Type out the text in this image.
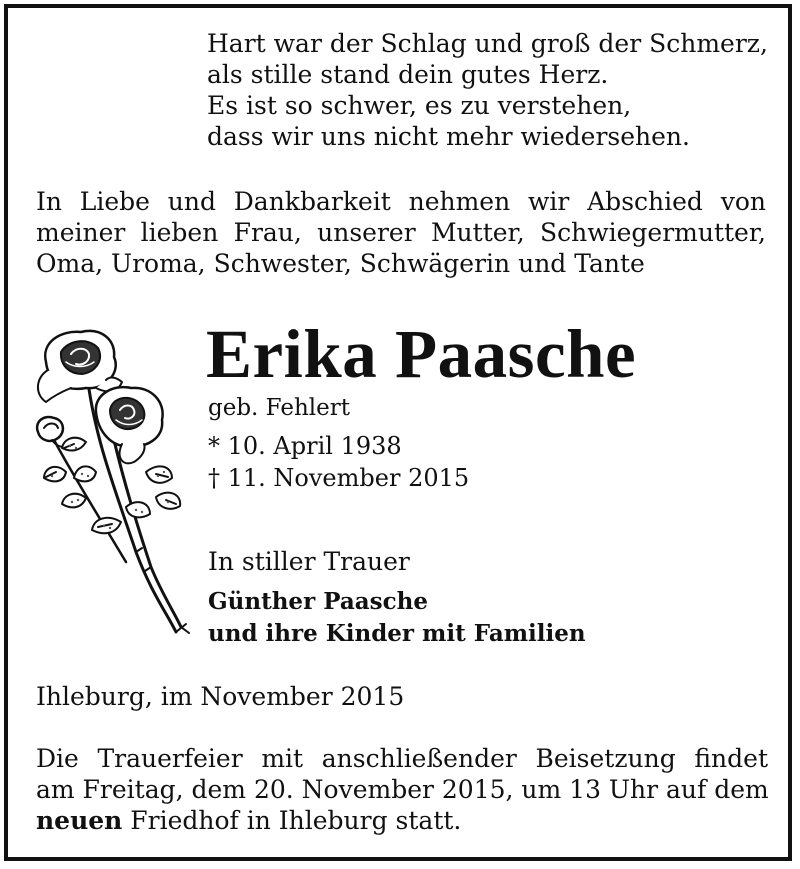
Hart war der Schlag und groß der Schmerz,
als stille stand dein gutes Herz.
Es ist so schwer, es zu verstehen,
dass wir uns nicht mehr wiedersehen.
In Liebe und Dankbarkeit nehmen wir Abschied von
meiner lieben Frau, unserer Mutter, Schwiegermutter,
Oma, Uroma, Schwester, Schwägerin und Tante
Erika Paasche
geb. Fehlert
* 10. April 1938
† 11. November 2015
In stiller Trauer
Günther Paasche
und ihre Kinder mit Familien
Ihleburg, im November 2015
Die Trauerfeier mit anschließender Beisetzung findet
am Freitag, dem 20. November 2015, um 13 Uhr auf dem
neuen Friedhof in Ihleburg statt.
